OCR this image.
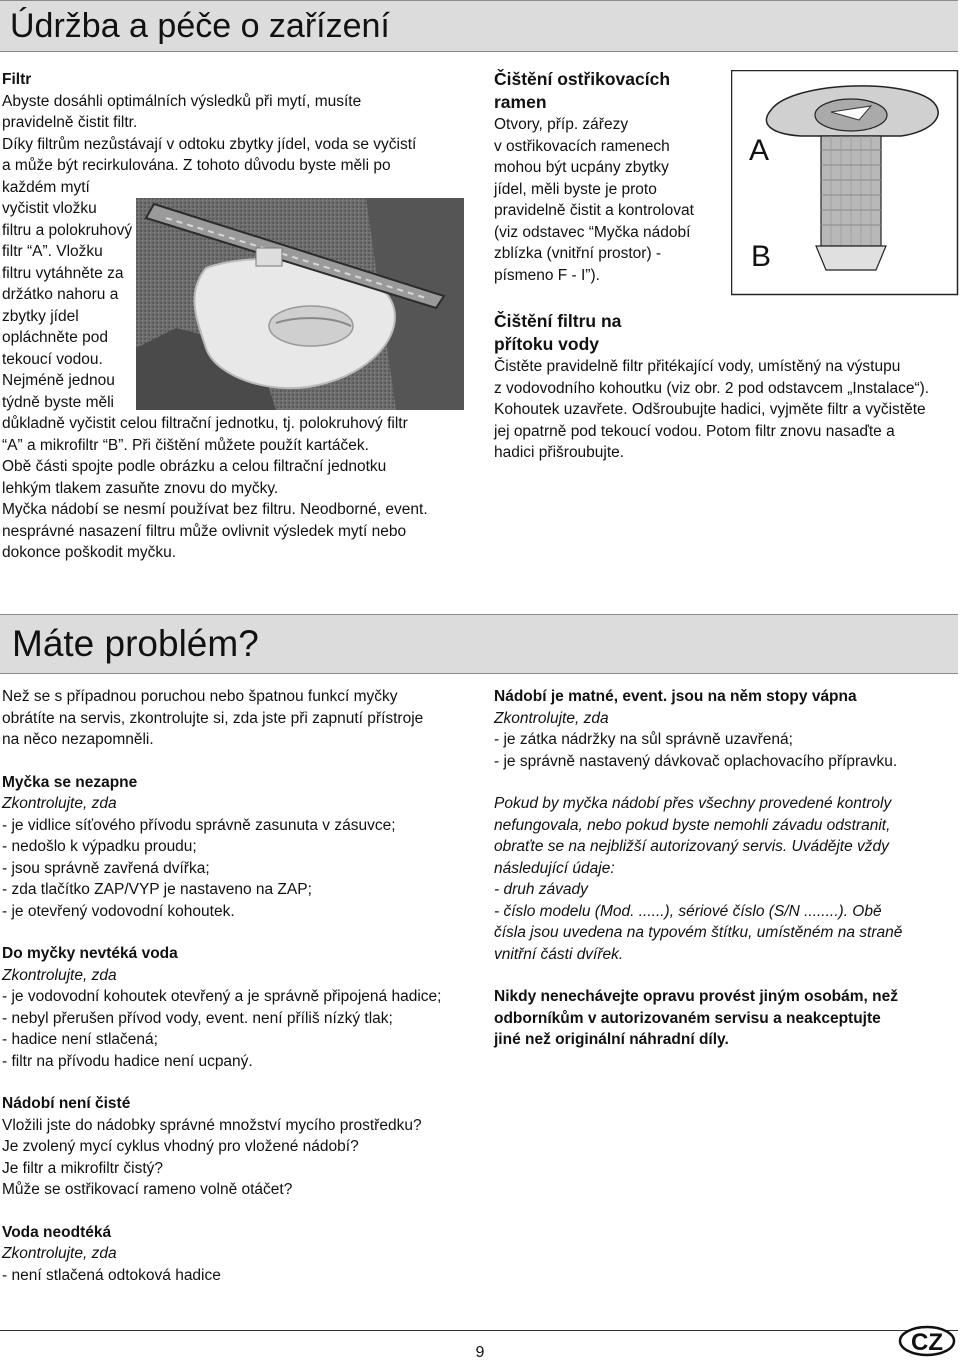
Údržba a péče o zařízení

Filtr

Abyste dosáhli optimálních výsledků při mytí, musíte

pravidelně čistit filtr.

Díky filtrům nezůstávají v odtoku zbytky jídel, voda se vyčistí

a může být recirkulována. Z tohoto důvodu byste měli po

každém mytí

vyčistit vložku

filtru a polokruhový

filtr “A”. Vložku

filtru vytáhněte za

držátko nahoru a

zbytky jídel

opláchněte pod

tekoucí vodou.

Nejméně jednou

týdně byste měli

důkladně vyčistit celou filtrační jednotku, tj. polokruhový filtr

“A” a mikrofiltr “B”. Při čištění můžete použít kartáček.

Obě části spojte podle obrázku a celou filtrační jednotku

lehkým tlakem zasuňte znovu do myčky.

Myčka nádobí se nesmí používat bez filtru. Neodborné, event.

nesprávné nasazení filtru může ovlivnit výsledek mytí nebo

dokonce poškodit myčku.

Čištění ostřikovacích

ramen

Otvory, příp. zářezy

v ostřikovacích ramenech

mohou být ucpány zbytky

jídel, měli byste je proto

pravidelně čistit a kontrolovat

(viz odstavec “Myčka nádobí

zblízka (vnitřní prostor) -

písmeno F - I”).

A
B

Čištění filtru na

přítoku vody

Čistěte pravidelně filtr přitékající vody, umístěný na výstupu

z vodovodního kohoutku (viz obr. 2 pod odstavcem „Instalace“).

Kohoutek uzavřete. Odšroubujte hadici, vyjměte filtr a vyčistěte

jej opatrně pod tekoucí vodou. Potom filtr znovu nasaďte a

hadici přišroubujte.

Máte problém?

Než se s případnou poruchou nebo špatnou funkcí myčky

obrátíte na servis, zkontrolujte si, zda jste při zapnutí přístroje

na něco nezapomněli.

Myčka se nezapne

Zkontrolujte, zda

- je vidlice síťového přívodu správně zasunuta v zásuvce;

- nedošlo k výpadku proudu;

- jsou správně zavřená dvířka;

- zda tlačítko ZAP/VYP je nastaveno na ZAP;

- je otevřený vodovodní kohoutek.

Do myčky nevtéká voda

Zkontrolujte, zda

- je vodovodní kohoutek otevřený a je správně připojená hadice;

- nebyl přerušen přívod vody, event. není příliš nízký tlak;

- hadice není stlačená;

- filtr na přívodu hadice není ucpaný.

Nádobí není čisté

Vložili jste do nádobky správné množství mycího prostředku?

Je zvolený mycí cyklus vhodný pro vložené nádobí?

Je filtr a mikrofiltr čistý?

Může se ostřikovací rameno volně otáčet?

Voda neodtéká

Zkontrolujte, zda

- není stlačená odtoková hadice

Nádobí je matné, event. jsou na něm stopy vápna

Zkontrolujte, zda

- je zátka nádržky na sůl správně uzavřená;

- je správně nastavený dávkovač oplachovacího přípravku.

Pokud by myčka nádobí přes všechny provedené kontroly

nefungovala, nebo pokud byste nemohli závadu odstranit,

obraťte se na nejbližší autorizovaný servis. Uvádějte vždy

následující údaje:

- druh závady

- číslo modelu (Mod. ......), sériové číslo (S/N ........). Obě

čísla jsou uvedena na typovém štítku, umístěném na straně

vnitřní části dvířek.

Nikdy nenechávejte opravu provést jiným osobám, než

odborníkům v autorizovaném servisu a neakceptujte

jiné než originální náhradní díly.

9	CZ
